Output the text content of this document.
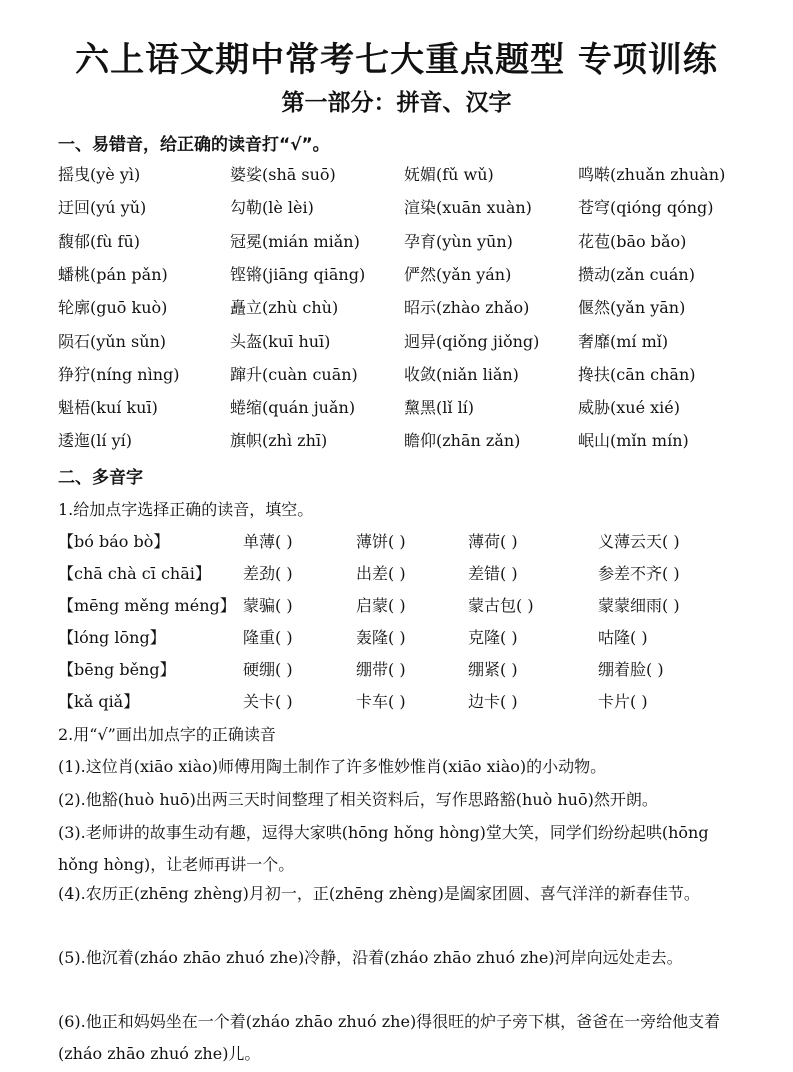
六上语文期中常考七大重点题型 专项训练
第一部分：拼音、汉字
一、易错音，给正确的读音打“√”。
摇曳(yè yì)	婆娑(shā suō)	妩媚(fǔ wǔ)	鸣啭(zhuǎn zhuàn)
迂回(yú yǔ)	勾勒(lè lèi)	渲染(xuān xuàn)	苍穹(qióng qóng)
馥郁(fù fū)	冠冕(mián miǎn)	孕育(yùn yūn)	花苞(bāo bǎo)
蟠桃(pán pǎn)	铿锵(jiāng qiāng) 俨然(yǎn yán)	攒动(zǎn cuán)
轮廓(guō kuò)	矗立(zhù chù)	昭示(zhào zhǎo)	偃然(yǎn yān)
陨石(yǔn sǔn)	头盔(kuī huī)	迥异(qiǒng jiǒng) 奢靡(mí mǐ)
狰狞(níng nìng)	蹿升(cuàn cuān)	收敛(niǎn liǎn)	搀扶(cān chān)
魁梧(kuí kuī)	蜷缩(quán juǎn)	黧黑(lǐ lí)	威胁(xué xié)
逶迤(lí yí)	旗帜(zhì zhī)	瞻仰(zhān zǎn)	岷山(mǐn mín)
二、多音字
1.给加点字选择正确的读音，填空。
【bó báo bò】	单薄( )	薄饼( )	薄荷( )	义薄云天( )
【chā chà cī chāi】 差劲( )	出差( )	差错( )	参差不齐( )
【mēng měng méng】 蒙骗( )	启蒙( )	蒙古包( )	蒙蒙细雨( )
【lóng lōng】	隆重( )	轰隆( )	克隆( )	咕隆( )
【bēng běng】	硬绷( )	绷带( )	绷紧( )	绷着脸( )
【kǎ qiǎ】	关卡( )	卡车( )	边卡( )	卡片( )
2.用“√”画出加点字的正确读音
(1).这位肖(xiāo xiào)师傅用陶土制作了许多惟妙惟肖(xiāo xiào)的小动物。
(2).他豁(huò huō)出两三天时间整理了相关资料后，写作思路豁(huò huō)然开朗。
(3).老师讲的故事生动有趣，逗得大家哄(hōng hǒng hòng)堂大笑，同学们纷纷起哄(hōng hǒng hòng)，让老师再讲一个。
(4).农历正(zhēng zhèng)月初一，正(zhēng zhèng)是阖家团圆、喜气洋洋的新春佳节。
(5).他沉着(zháo zhāo zhuó zhe)冷静，沿着(zháo zhāo zhuó zhe)河岸向远处走去。
(6).他正和妈妈坐在一个着(zháo zhāo zhuó zhe)得很旺的炉子旁下棋，爸爸在一旁给他支着(zháo zhāo zhuó zhe)儿。
